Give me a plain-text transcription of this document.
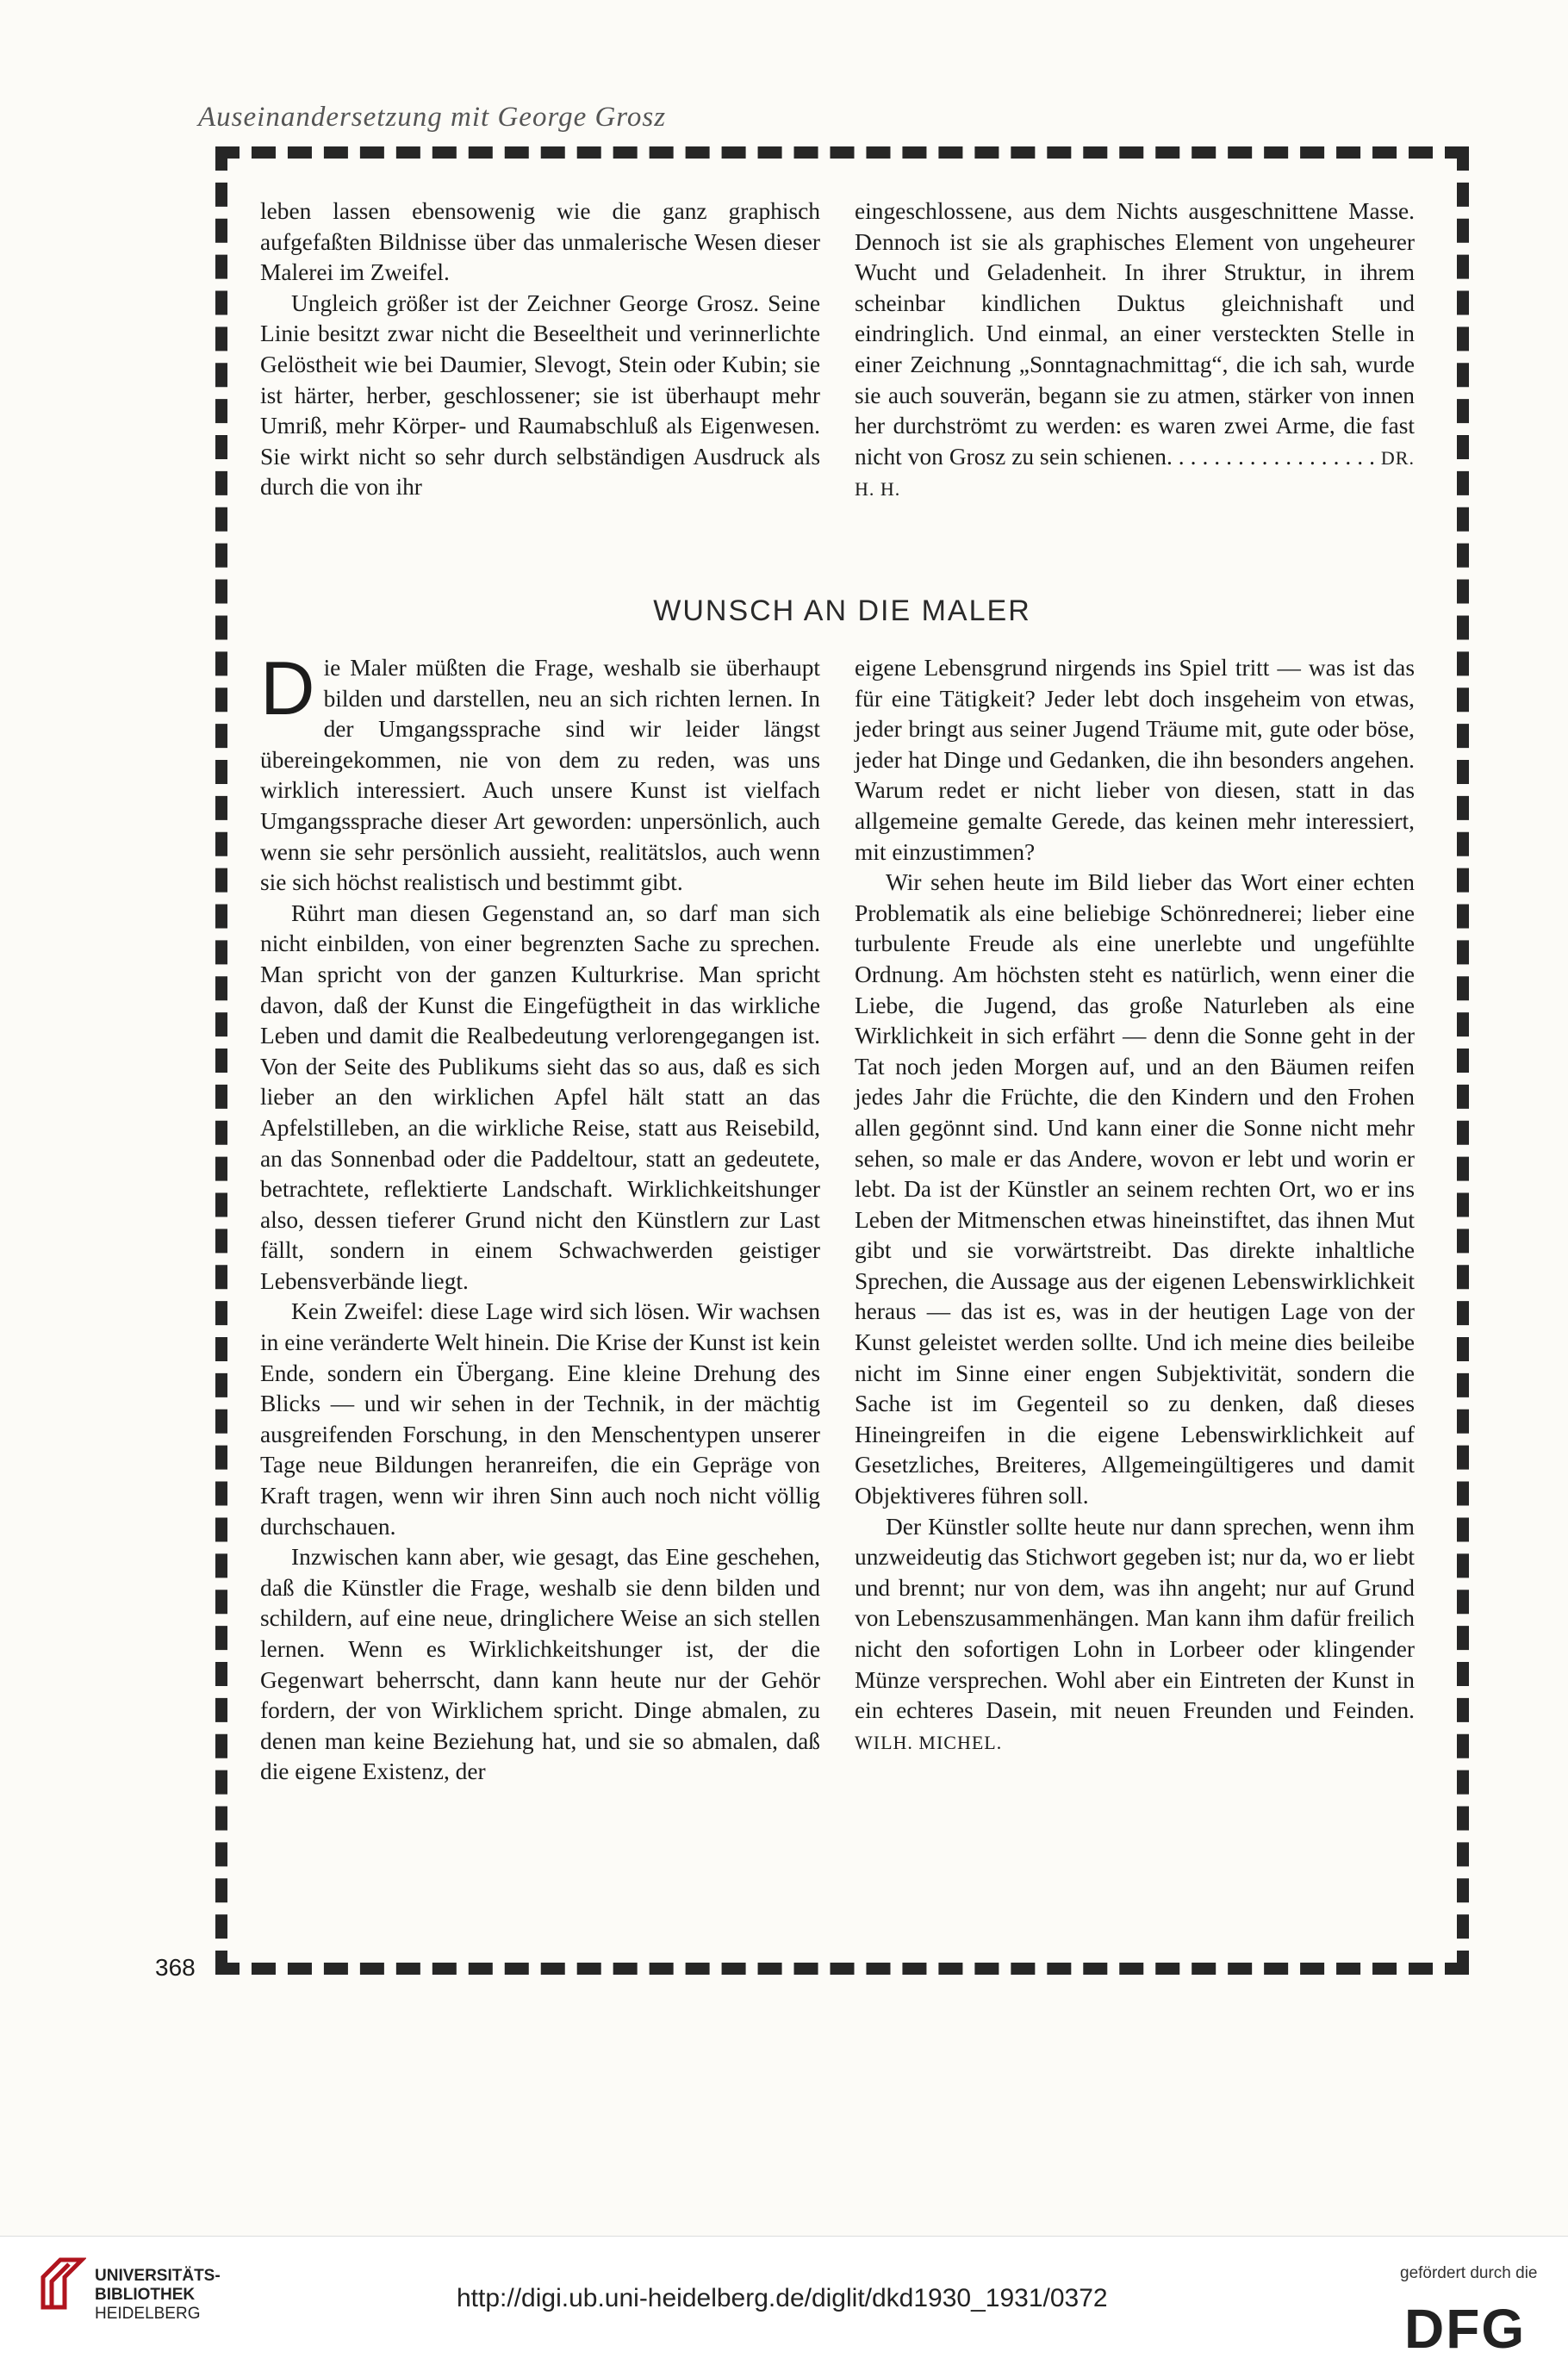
Auseinandersetzung mit George Grosz

leben lassen ebensowenig wie die ganz graphisch aufgefaßten Bildnisse über das unmalerische Wesen dieser Malerei im Zweifel.

Ungleich größer ist der Zeichner George Grosz. Seine Linie besitzt zwar nicht die Beseeltheit und verinnerlichte Gelöstheit wie bei Daumier, Slevogt, Stein oder Kubin; sie ist härter, herber, geschlossener; sie ist überhaupt mehr Umriß, mehr Körper- und Raumabschluß als Eigenwesen. Sie wirkt nicht so sehr durch selbständigen Ausdruck als durch die von ihr

eingeschlossene, aus dem Nichts ausgeschnittene Masse. Dennoch ist sie als graphisches Element von ungeheurer Wucht und Geladenheit. In ihrer Struktur, in ihrem scheinbar kindlichen Duktus gleichnishaft und eindringlich. Und einmal, an einer versteckten Stelle in einer Zeichnung „Sonntagnachmittag“, die ich sah, wurde sie auch souverän, begann sie zu atmen, stärker von innen her durchströmt zu werden: es waren zwei Arme, die fast nicht von Grosz zu sein schienen. . . . . . . . . . . . . . . . . . DR. H. H.

WUNSCH AN DIE MALER

Die Maler müßten die Frage, weshalb sie überhaupt bilden und darstellen, neu an sich richten lernen. In der Umgangssprache sind wir leider längst übereingekommen, nie von dem zu reden, was uns wirklich interessiert. Auch unsere Kunst ist vielfach Umgangssprache dieser Art geworden: unpersönlich, auch wenn sie sehr persönlich aussieht, realitätslos, auch wenn sie sich höchst realistisch und bestimmt gibt.

Rührt man diesen Gegenstand an, so darf man sich nicht einbilden, von einer begrenzten Sache zu sprechen. Man spricht von der ganzen Kulturkrise. Man spricht davon, daß der Kunst die Eingefügtheit in das wirkliche Leben und damit die Realbedeutung verlorengegangen ist. Von der Seite des Publikums sieht das so aus, daß es sich lieber an den wirklichen Apfel hält statt an das Apfelstilleben, an die wirkliche Reise, statt aus Reisebild, an das Sonnenbad oder die Paddeltour, statt an gedeutete, betrachtete, reflektierte Landschaft. Wirklichkeitshunger also, dessen tieferer Grund nicht den Künstlern zur Last fällt, sondern in einem Schwachwerden geistiger Lebensverbände liegt.

Kein Zweifel: diese Lage wird sich lösen. Wir wachsen in eine veränderte Welt hinein. Die Krise der Kunst ist kein Ende, sondern ein Übergang. Eine kleine Drehung des Blicks — und wir sehen in der Technik, in der mächtig ausgreifenden Forschung, in den Menschentypen unserer Tage neue Bildungen heranreifen, die ein Gepräge von Kraft tragen, wenn wir ihren Sinn auch noch nicht völlig durchschauen.

Inzwischen kann aber, wie gesagt, das Eine geschehen, daß die Künstler die Frage, weshalb sie denn bilden und schildern, auf eine neue, dringlichere Weise an sich stellen lernen. Wenn es Wirklichkeitshunger ist, der die Gegenwart beherrscht, dann kann heute nur der Gehör fordern, der von Wirklichem spricht. Dinge abmalen, zu denen man keine Beziehung hat, und sie so abmalen, daß die eigene Existenz, der

eigene Lebensgrund nirgends ins Spiel tritt — was ist das für eine Tätigkeit? Jeder lebt doch insgeheim von etwas, jeder bringt aus seiner Jugend Träume mit, gute oder böse, jeder hat Dinge und Gedanken, die ihn besonders angehen. Warum redet er nicht lieber von diesen, statt in das allgemeine gemalte Gerede, das keinen mehr interessiert, mit einzustimmen?

Wir sehen heute im Bild lieber das Wort einer echten Problematik als eine beliebige Schönrednerei; lieber eine turbulente Freude als eine unerlebte und ungefühlte Ordnung. Am höchsten steht es natürlich, wenn einer die Liebe, die Jugend, das große Naturleben als eine Wirklichkeit in sich erfährt — denn die Sonne geht in der Tat noch jeden Morgen auf, und an den Bäumen reifen jedes Jahr die Früchte, die den Kindern und den Frohen allen gegönnt sind. Und kann einer die Sonne nicht mehr sehen, so male er das Andere, wovon er lebt und worin er lebt. Da ist der Künstler an seinem rechten Ort, wo er ins Leben der Mitmenschen etwas hineinstiftet, das ihnen Mut gibt und sie vorwärtstreibt. Das direkte inhaltliche Sprechen, die Aussage aus der eigenen Lebenswirklichkeit heraus — das ist es, was in der heutigen Lage von der Kunst geleistet werden sollte. Und ich meine dies beileibe nicht im Sinne einer engen Subjektivität, sondern die Sache ist im Gegenteil so zu denken, daß dieses Hineingreifen in die eigene Lebenswirklichkeit auf Gesetzliches, Breiteres, Allgemeingültigeres und damit Objektiveres führen soll.

Der Künstler sollte heute nur dann sprechen, wenn ihm unzweideutig das Stichwort gegeben ist; nur da, wo er liebt und brennt; nur von dem, was ihn angeht; nur auf Grund von Lebenszusammenhängen. Man kann ihm dafür freilich nicht den sofortigen Lohn in Lorbeer oder klingender Münze versprechen. Wohl aber ein Eintreten der Kunst in ein echteres Dasein, mit neuen Freunden und Feinden. WILH. MICHEL.

368
UNIVERSITÄTS-
BIBLIOTHEK
HEIDELBERG
http://digi.ub.uni-heidelberg.de/diglit/dkd1930_1931/0372
gefördert durch die
DFG
